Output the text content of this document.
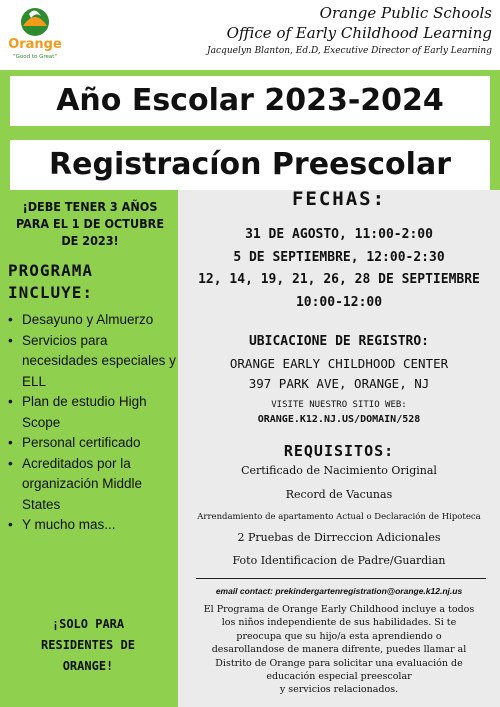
Orange
"Good to Great"
Orange Public Schools
Office of Early Childhood Learning
Jacquelyn Blanton, Ed.D, Executive Director of Early Learning
Año Escolar 2023-2024
Registracíon Preescolar
¡DEBE TENER 3 AÑOS
PARA EL 1 DE OCTUBRE
DE 2023!
PROGRAMA
INCLUYE:
• Desayuno y Almuerzo
• Servicios para necesidades especiales y ELL
• Plan de estudio High Scope
• Personal certificado
• Acreditados por la organización Middle States
• Y mucho mas...
¡SOLO PARA
RESIDENTES DE
ORANGE!
FECHAS:
31 DE AGOSTO, 11:00-2:00
5 DE SEPTIEMBRE, 12:00-2:30
12, 14, 19, 21, 26, 28 DE SEPTIEMBRE
10:00-12:00
UBICACIONE DE REGISTRO:
ORANGE EARLY CHILDHOOD CENTER
397 PARK AVE, ORANGE, NJ
VISITE NUESTRO SITIO WEB:
ORANGE.K12.NJ.US/DOMAIN/528
REQUISITOS:
Certificado de Nacimiento Original
Record de Vacunas
Arrendamiento de apartamento Actual o Declaración de Hipoteca
2 Pruebas de Dirreccion Adicionales
Foto Identificacion de Padre/Guardian
email contact: prekindergartenregistration@orange.k12.nj.us
El Programa de Orange Early Childhood incluye a todos
los niños independiente de sus habilidades. Si te
preocupa que su hijo/a esta aprendiendo o
desarollandose de manera difrente, puedes llamar al
Distrito de Orange para solicitar una evaluación de
educación especial preescolar
y servicios relacionados.
